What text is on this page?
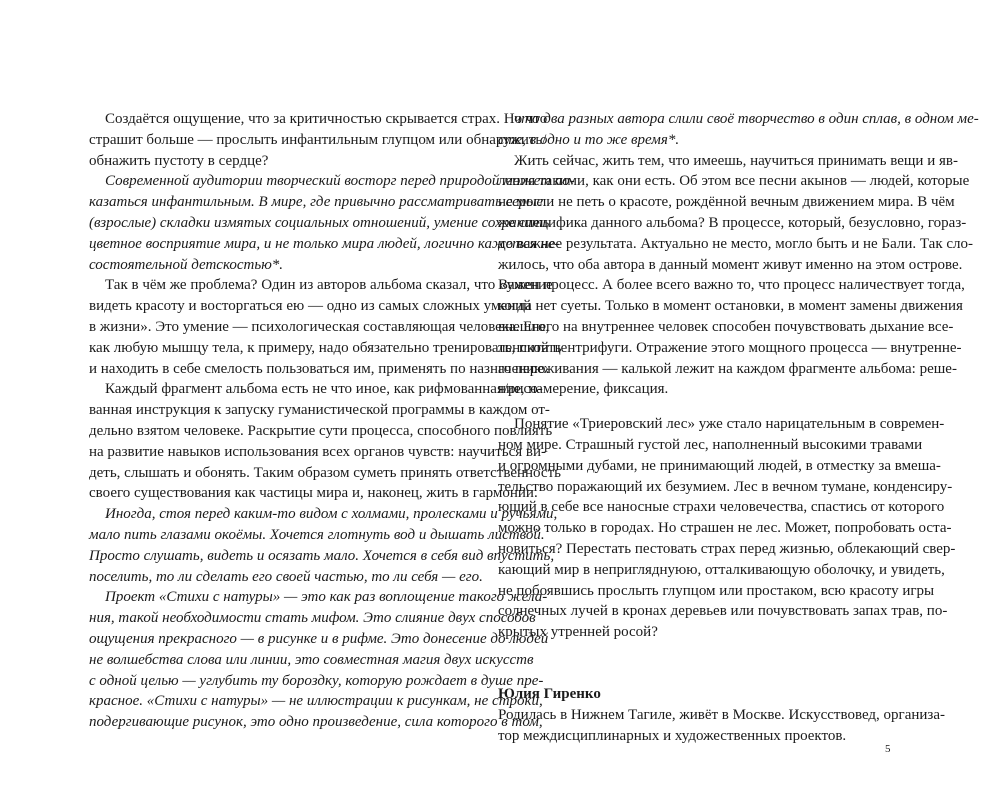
Создаётся ощущение, что за критичностью скрывается страх. Но что
страшит больше — прослыть инфантильным глупцом или обнаружить/
обнажить пустоту в сердце?
Современной аудитории творческий восторг перед природой может по-
казаться инфантильным. В мире, где привычно рассматривать серые
(взрослые) складки измятых социальных отношений, умение сохранить
цветное восприятие мира, и не только мира людей, логично кажется не-
состоятельной детскостью*.
Так в чём же проблема? Один из авторов альбома сказал, что «умение
видеть красоту и восторгаться ею — одно из самых сложных умений
в жизни». Это умение — психологическая составляющая человека. Его,
как любую мышцу тела, к примеру, надо обязательно тренировать, питать
и находить в себе смелость пользоваться им, применять по назначению.
Каждый фрагмент альбома есть не что иное, как рифмованная/рисо-
ванная инструкция к запуску гуманистической программы в каждом от-
дельно взятом человеке. Раскрытие сути процесса, способного повлиять
на развитие навыков использования всех органов чувств: научиться ви-
деть, слышать и обонять. Таким образом суметь принять ответственность
своего существования как частицы мира и, наконец, жить в гармонии.
Иногда, стоя перед каким-то видом с холмами, пролесками и ручьями,
мало пить глазами окоёмы. Хочется глотнуть вод и дышать листвой.
Просто слушать, видеть и осязать мало. Хочется в себя вид впустить,
поселить, то ли сделать его своей частью, то ли себя — его.
Проект «Стихи с натуры» — это как раз воплощение такого жела-
ния, такой необходимости стать мифом. Это слияние двух способов
ощущения прекрасного — в рисунке и в рифме. Это донесение до людей
не волшебства слова или линии, это совместная магия двух искусств
с одной целью — углубить ту бороздку, которую рождает в душе пре-
красное. «Стихи с натуры» — не иллюстрации к рисункам, не строки,
подергивающие рисунок, это одно произведение, сила которого в том,
что два разных автора слили своё творчество в один сплав, в одном ме-
сте, в одно и то же время*.
Жить сейчас, жить тем, что имеешь, научиться принимать вещи и яв-
ления такими, как они есть. Об этом все песни акынов — людей, которые
не могли не петь о красоте, рождённой вечным движением мира. В чём
же специфика данного альбома? В процессе, который, безусловно, горaз-
до важнее результата. Актуально не место, могло быть и не Бали. Так сло-
жилось, что оба автора в данный момент живут именно на этом острове.
Важен процесс. А более всего важно то, что процесс наличествует тогда,
когда нет суеты. Только в момент остановки, в момент замены движения
внешнего на внутреннее человек способен почувствовать дыхание все-
ленской центрифуги. Отражение этого мощного процесса — внутренне-
го переживания — калькой лежит на каждом фрагменте альбома: реше-
ние, намерение, фиксация.
Понятие «Триеровский лес» уже стало нарицательным в современ-
ном мире. Страшный густой лес, наполненный высокими травами
и огромными дубами, не принимающий людей, в отместку за вмеша-
тельство поражающий их безумием. Лес в вечном тумане, конденсиру-
ющий в себе все наносные страхи человечества, спастись от которого
можно только в городах. Но страшен не лес. Может, попробовать оста-
новиться? Перестать пестовать страх перед жизнью, облекающий свер-
кающий мир в непригляднуюю, отталкивающую оболочку, и увидеть,
не побоявшись прослыть глупцом или простаком, всю красоту игры
солнечных лучей в кронах деревьев или почувствовать запах трав, по-
крытых утренней росой?
Юлия Гиренко
Родилась в Нижнем Тагиле, живёт в Москве. Искусствовед, организа-
тор междисциплинарных и художественных проектов.
5
